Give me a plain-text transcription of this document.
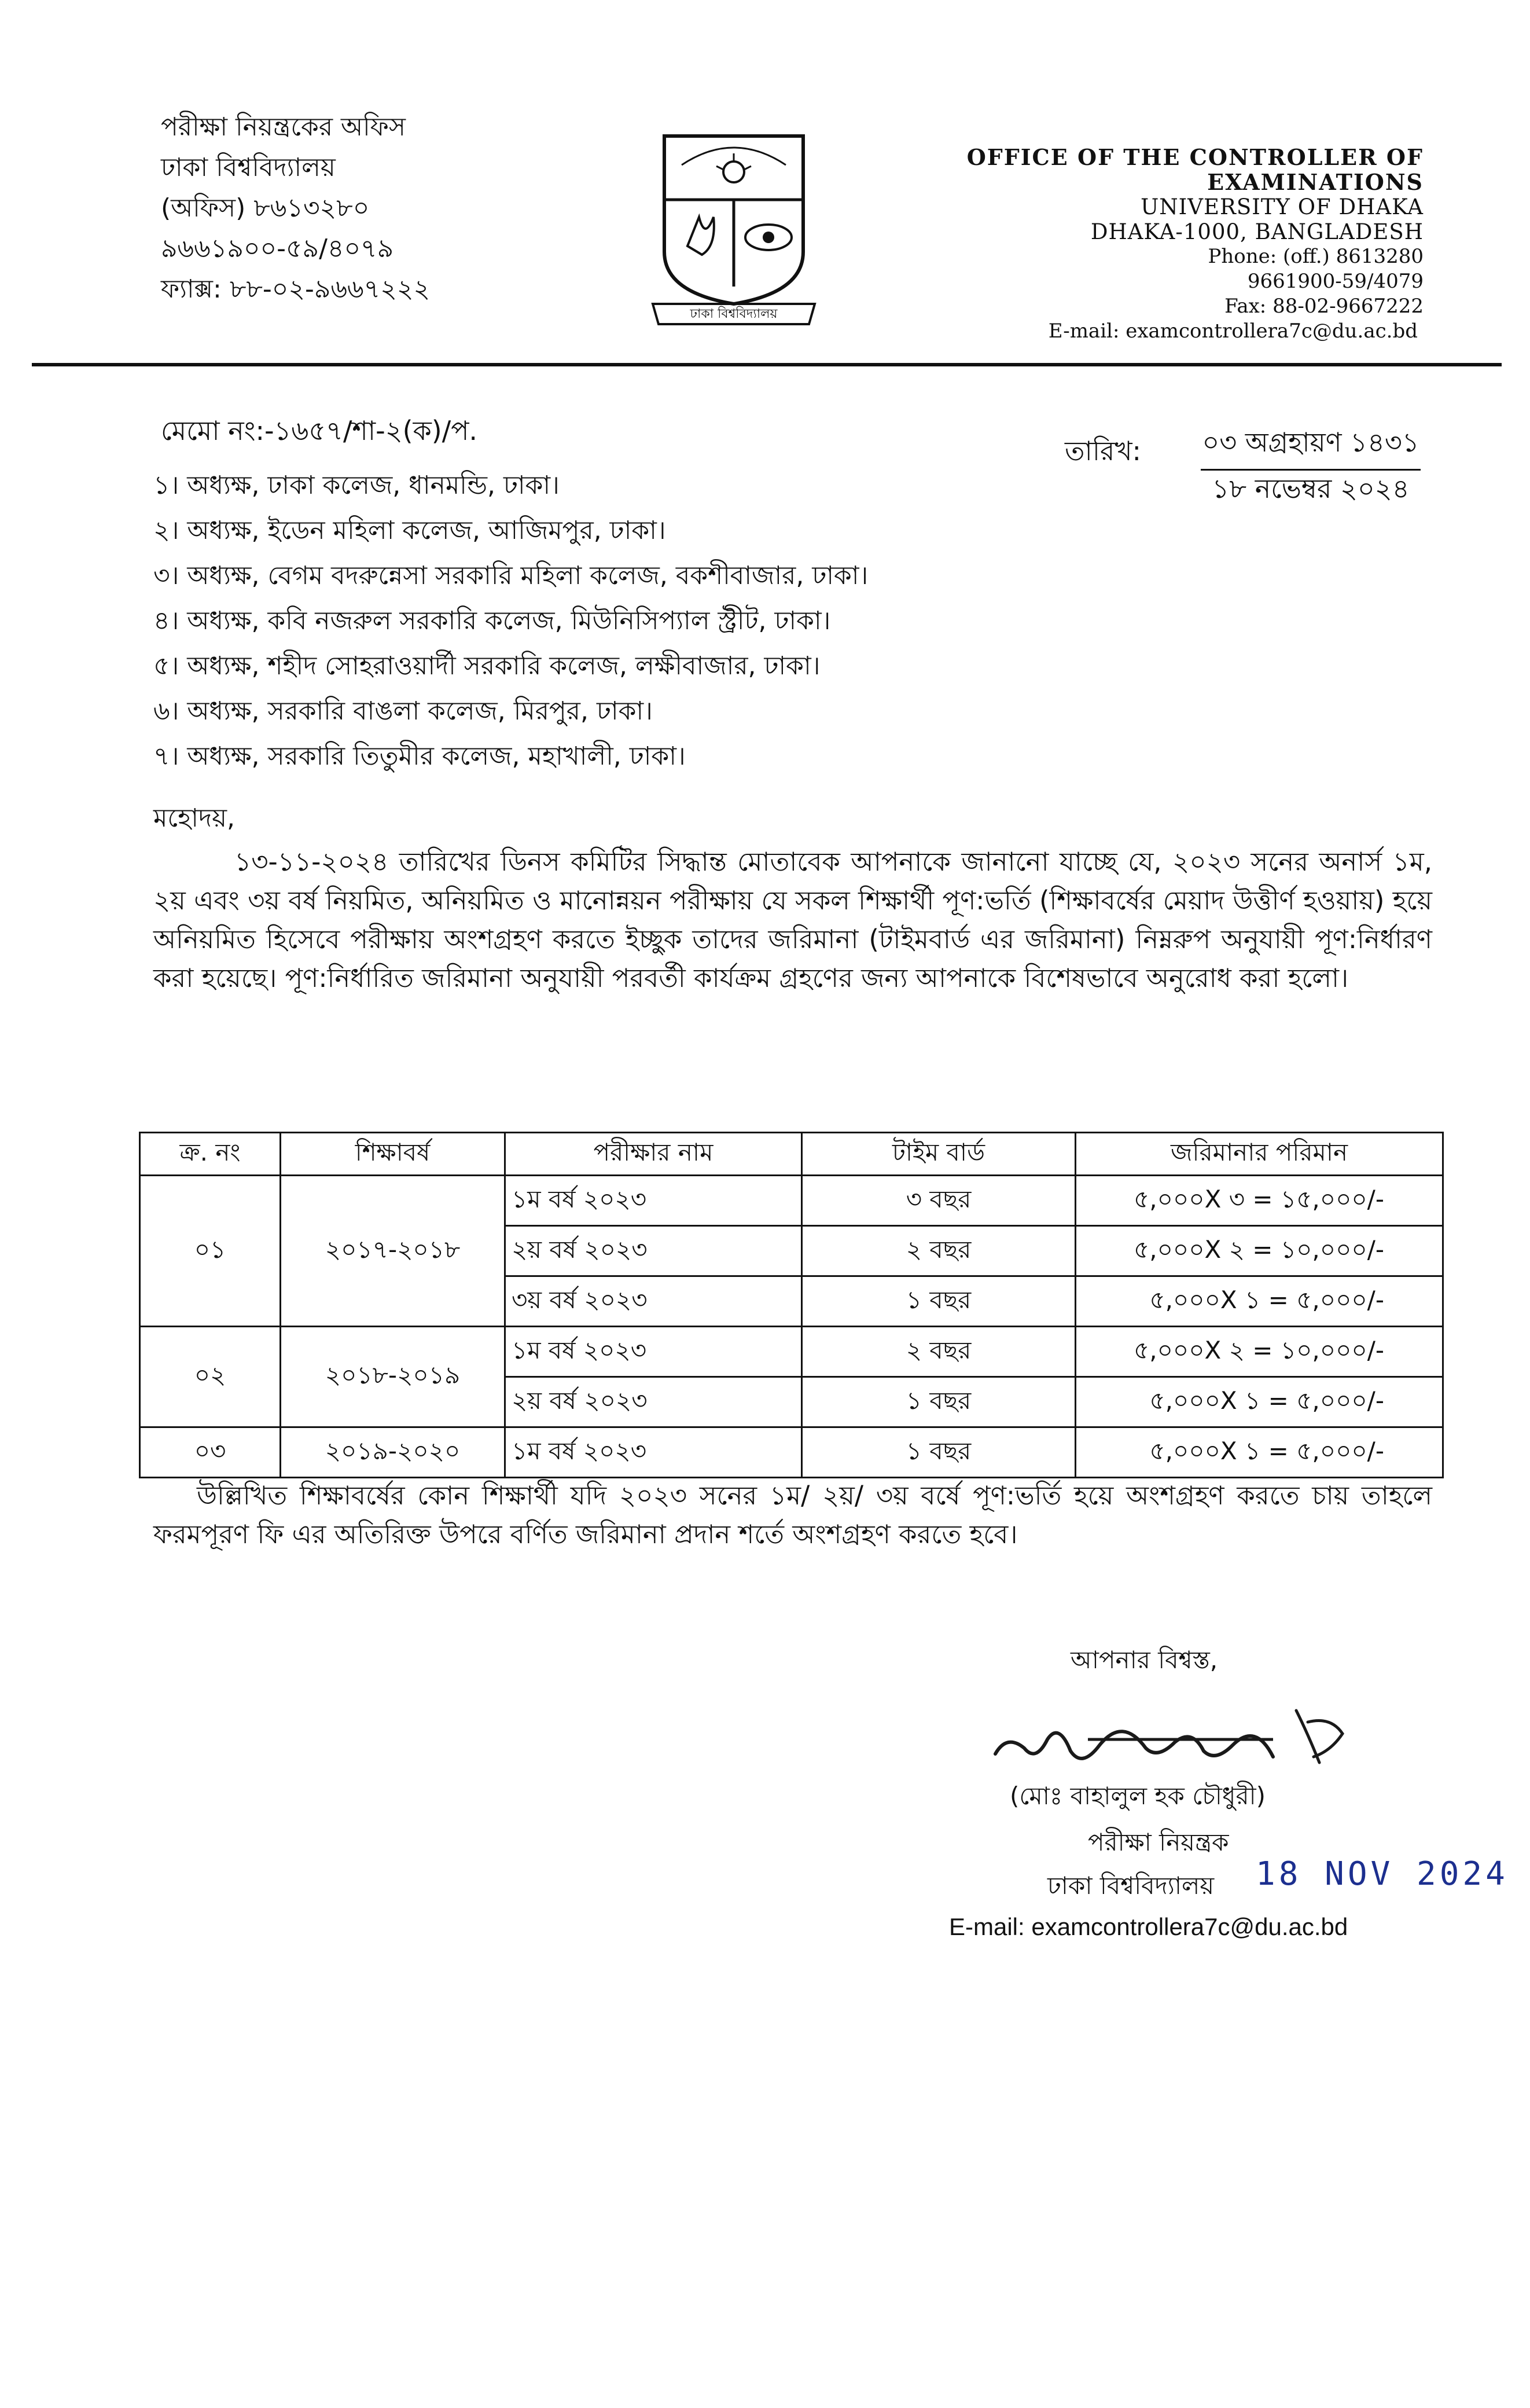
পরীক্ষা নিয়ন্ত্রকের অফিস
ঢাকা বিশ্ববিদ্যালয়
(অফিস) ৮৬১৩২৮০
৯৬৬১৯০০-৫৯/৪০৭৯
ফ্যাক্স: ৮৮-০২-৯৬৬৭২২২
ঢাকা বিশ্ববিদ্যালয়
OFFICE OF THE CONTROLLER OF
EXAMINATIONS
UNIVERSITY OF DHAKA
DHAKA-1000, BANGLADESH
Phone: (off.) 8613280
9661900-59/4079
Fax: 88-02-9667222
E-mail: examcontrollera7c@du.ac.bd
মেমো নং:-১৬৫৭/শা-২(ক)/প.
তারিখ: ০৩ অগ্রহায়ণ ১৪৩১
১৮ নভেম্বর ২০২৪
১। অধ্যক্ষ, ঢাকা কলেজ, ধানমন্ডি, ঢাকা।
২। অধ্যক্ষ, ইডেন মহিলা কলেজ, আজিমপুর, ঢাকা।
৩। অধ্যক্ষ, বেগম বদরুন্নেসা সরকারি মহিলা কলেজ, বকশীবাজার, ঢাকা।
৪। অধ্যক্ষ, কবি নজরুল সরকারি কলেজ, মিউনিসিপ্যাল স্ট্রীট, ঢাকা।
৫। অধ্যক্ষ, শহীদ সোহরাওয়ার্দী সরকারি কলেজ, লক্ষীবাজার, ঢাকা।
৬। অধ্যক্ষ, সরকারি বাঙলা কলেজ, মিরপুর, ঢাকা।
৭। অধ্যক্ষ, সরকারি তিতুমীর কলেজ, মহাখালী, ঢাকা।
মহোদয়,
১৩-১১-২০২৪ তারিখের ডিনস কমিটির সিদ্ধান্ত মোতাবেক আপনাকে জানানো যাচ্ছে যে, ২০২৩ সনের অনার্স ১ম, ২য় এবং ৩য় বর্ষ নিয়মিত, অনিয়মিত ও মানোন্নয়ন পরীক্ষায় যে সকল শিক্ষার্থী পূণ:ভর্তি (শিক্ষাবর্ষের মেয়াদ উত্তীর্ণ হওয়ায়) হয়ে অনিয়মিত হিসেবে পরীক্ষায় অংশগ্রহণ করতে ইচ্ছুক তাদের জরিমানা (টাইমবার্ড এর জরিমানা) নিম্নরুপ অনুযায়ী পূণ:নির্ধারণ করা হয়েছে। পূণ:নির্ধারিত জরিমানা অনুযায়ী পরবর্তী কার্যক্রম গ্রহণের জন্য আপনাকে বিশেষভাবে অনুরোধ করা হলো।
ক্র. নং	শিক্ষাবর্ষ	পরীক্ষার নাম	টাইম বার্ড	জরিমানার পরিমান
০১	২০১৭-২০১৮	১ম বর্ষ ২০২৩	৩ বছর	৫,০০০X ৩ = ১৫,০০০/-
		২য় বর্ষ ২০২৩	২ বছর	৫,০০০X ২ = ১০,০০০/-
		৩য় বর্ষ ২০২৩	১ বছর	৫,০০০X ১ = ৫,০০০/-
০২	২০১৮-২০১৯	১ম বর্ষ ২০২৩	২ বছর	৫,০০০X ২ = ১০,০০০/-
		২য় বর্ষ ২০২৩	১ বছর	৫,০০০X ১ = ৫,০০০/-
০৩	২০১৯-২০২০	১ম বর্ষ ২০২৩	১ বছর	৫,০০০X ১ = ৫,০০০/-
উল্লিখিত শিক্ষাবর্ষের কোন শিক্ষার্থী যদি ২০২৩ সনের ১ম/ ২য়/ ৩য় বর্ষে পূণ:ভর্তি হয়ে অংশগ্রহণ করতে চায় তাহলে ফরমপূরণ ফি এর অতিরিক্ত উপরে বর্ণিত জরিমানা প্রদান শর্তে অংশগ্রহণ করতে হবে।
আপনার বিশ্বস্ত,
(মোঃ বাহালুল হক চৌধুরী)
পরীক্ষা নিয়ন্ত্রক
ঢাকা বিশ্ববিদ্যালয় 18 NOV 2024
E-mail: examcontrollera7c@du.ac.bd
